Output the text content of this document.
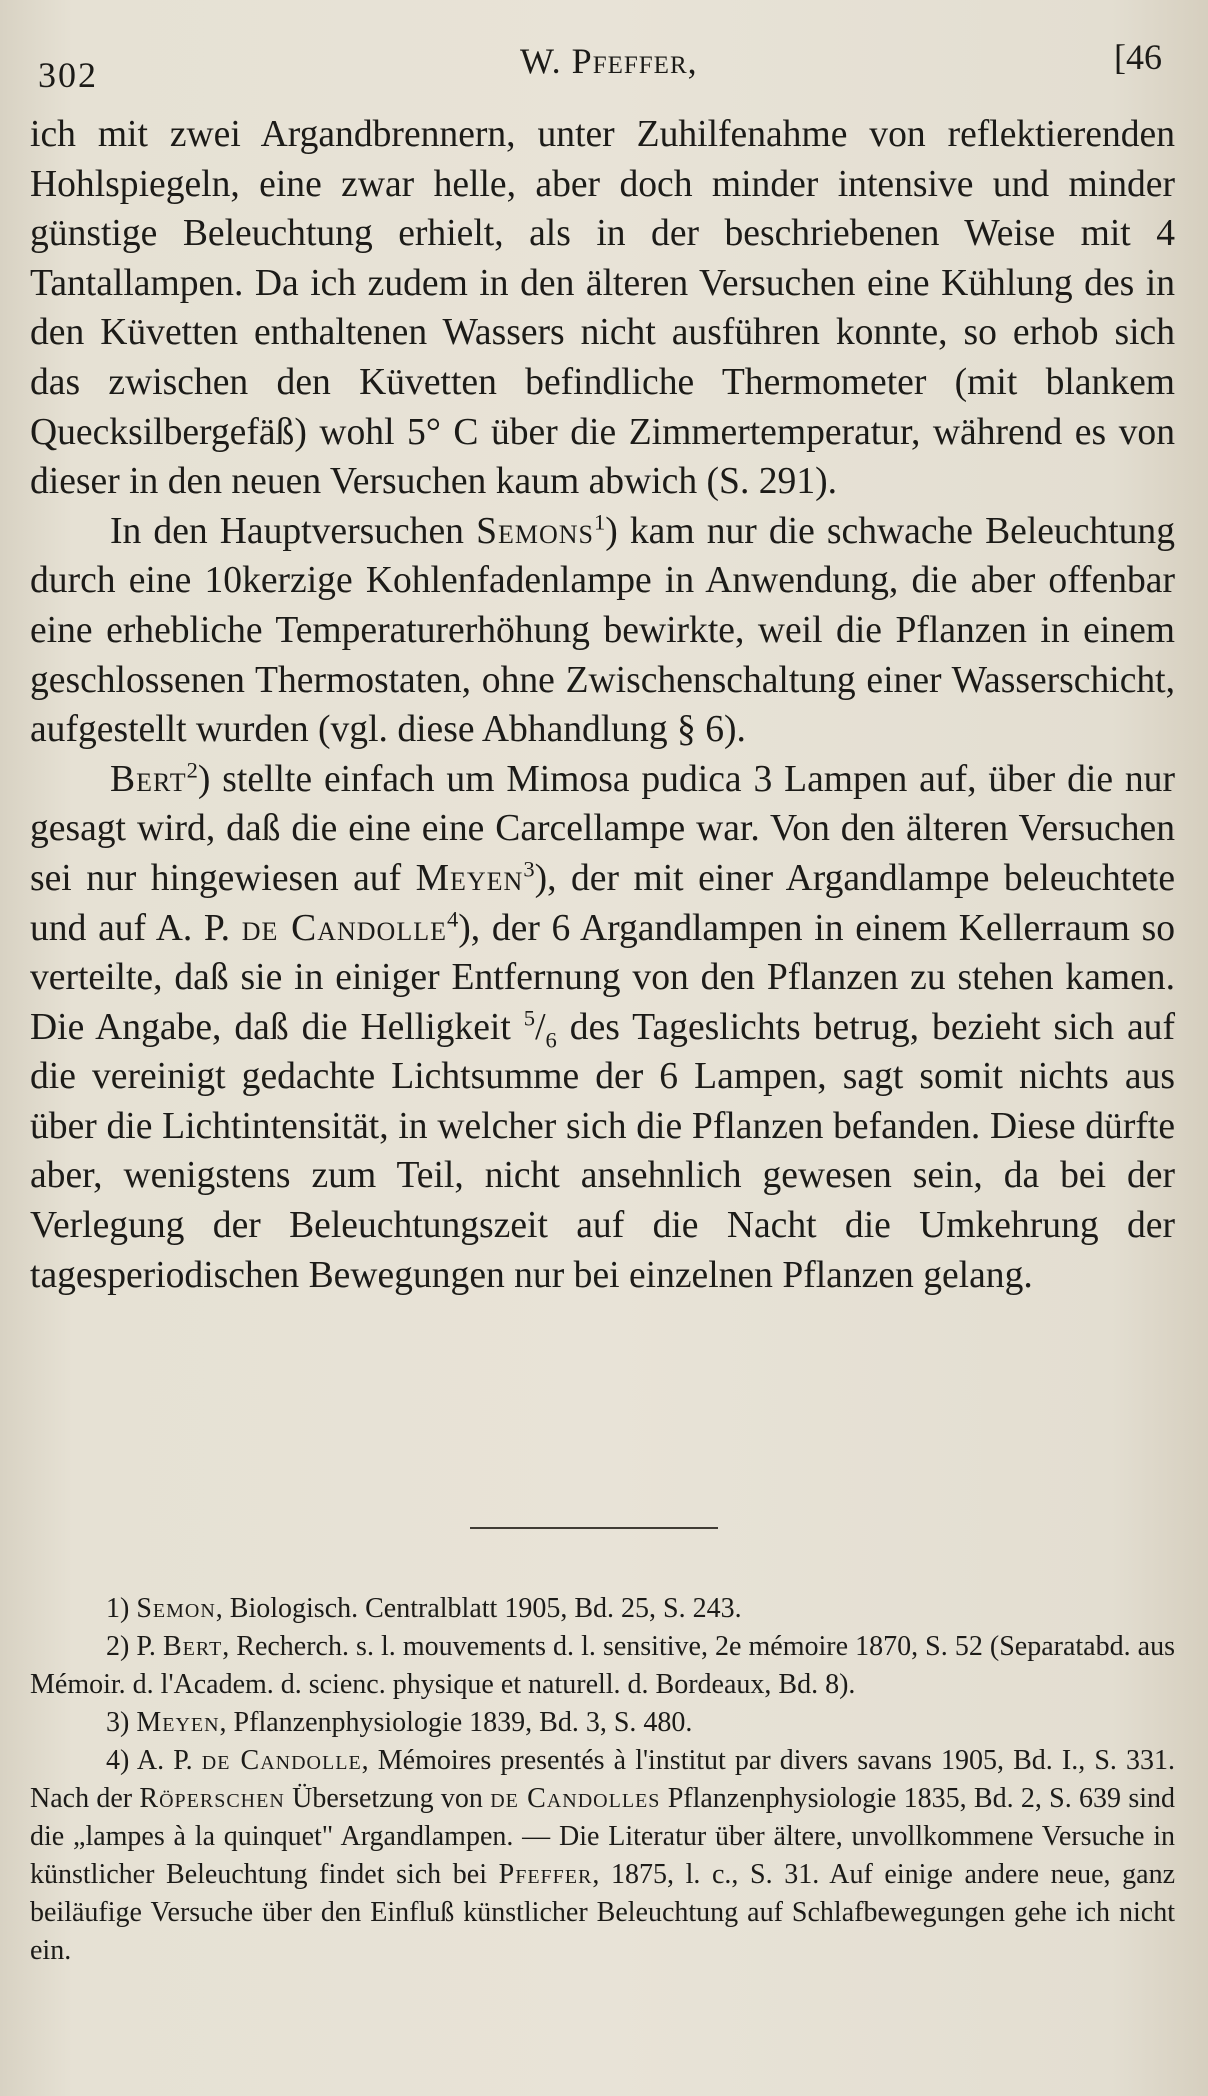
302	W. Pfeffer,	[46

ich mit zwei Argandbrennern, unter Zuhilfenahme von reflektierenden Hohlspiegeln, eine zwar helle, aber doch minder intensive und minder günstige Beleuchtung erhielt, als in der beschriebenen Weise mit 4 Tantallampen. Da ich zudem in den älteren Versuchen eine Kühlung des in den Küvetten enthaltenen Wassers nicht ausführen konnte, so erhob sich das zwischen den Küvetten befindliche Thermometer (mit blankem Quecksilbergefäß) wohl 5° C über die Zimmertemperatur, während es von dieser in den neuen Versuchen kaum abwich (S. 291).

In den Hauptversuchen Semons$^1$) kam nur die schwache Beleuchtung durch eine 10kerzige Kohlenfadenlampe in Anwendung, die aber offenbar eine erhebliche Temperaturerhöhung bewirkte, weil die Pflanzen in einem geschlossenen Thermostaten, ohne Zwischenschaltung einer Wasserschicht, aufgestellt wurden (vgl. diese Abhandlung § 6).

Bert$^2$) stellte einfach um Mimosa pudica 3 Lampen auf, über die nur gesagt wird, daß die eine eine Carcellampe war. Von den älteren Versuchen sei nur hingewiesen auf Meyen$^3$), der mit einer Argandlampe beleuchtete und auf A. P. de Candolle$^4$), der 6 Argandlampen in einem Kellerraum so verteilte, daß sie in einiger Entfernung von den Pflanzen zu stehen kamen. Die Angabe, daß die Helligkeit $^5/_6$ des Tageslichts betrug, bezieht sich auf die vereinigt gedachte Lichtsumme der 6 Lampen, sagt somit nichts aus über die Lichtintensität, in welcher sich die Pflanzen befanden. Diese dürfte aber, wenigstens zum Teil, nicht ansehnlich gewesen sein, da bei der Verlegung der Beleuchtungszeit auf die Nacht die Umkehrung der tagesperiodischen Bewegungen nur bei einzelnen Pflanzen gelang.

1) Semon, Biologisch. Centralblatt 1905, Bd. 25, S. 243.

2) P. Bert, Recherch. s. l. mouvements d. l. sensitive, 2e mémoire 1870, S. 52 (Separatabd. aus Mémoir. d. l'Academ. d. scienc. physique et naturell. d. Bordeaux, Bd. 8).

3) Meyen, Pflanzenphysiologie 1839, Bd. 3, S. 480.

4) A. P. de Candolle, Mémoires presentés à l'institut par divers savans 1905, Bd. I., S. 331. Nach der Röperschen Übersetzung von de Candolles Pflanzenphysiologie 1835, Bd. 2, S. 639 sind die „lampes à la quinquet" Argandlampen. — Die Literatur über ältere, unvollkommene Versuche in künstlicher Beleuchtung findet sich bei Pfeffer, 1875, l. c., S. 31. Auf einige andere neue, ganz beiläufige Versuche über den Einfluß künstlicher Beleuchtung auf Schlafbewegungen gehe ich nicht ein.
